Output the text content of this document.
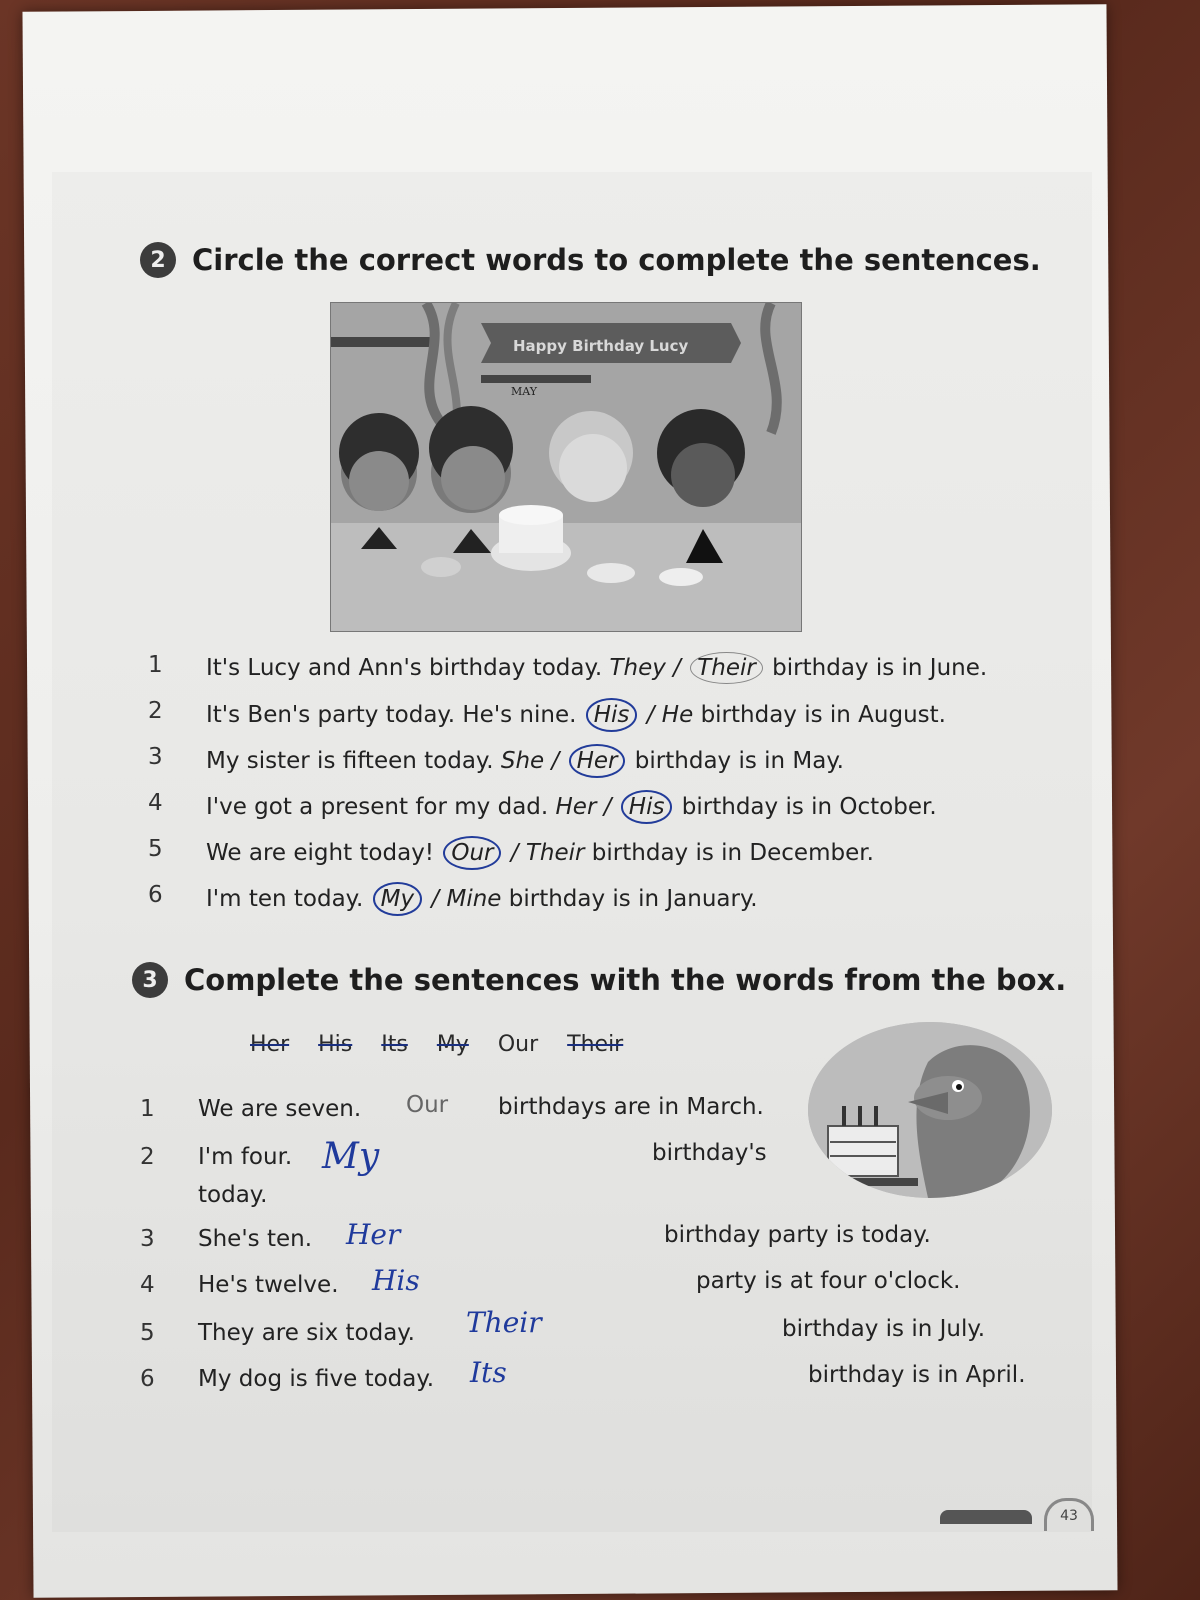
2 Circle the correct words to complete the sentences.
Happy Birthday Lucy
MAY
1 It's Lucy and Ann's birthday today. They / Their birthday is in June.
2 It's Ben's party today. He's nine. His / He birthday is in August.
3 My sister is fifteen today. She / Her birthday is in May.
4 I've got a present for my dad. Her / His birthday is in October.
5 We are eight today! Our / Their birthday is in December.
6 I'm ten today. My / Mine birthday is in January.
3 Complete the sentences with the words from the box.
Her His Its My Our Their
1 We are seven. Our birthdays are in March.
2 I'm four. My	birthday's
today.
3 She's ten. Her	birthday party is today.
4 He's twelve. His	party is at four o'clock.
5 They are six today. Their	birthday is in July.
6 My dog is five today. Its	birthday is in April.
43
